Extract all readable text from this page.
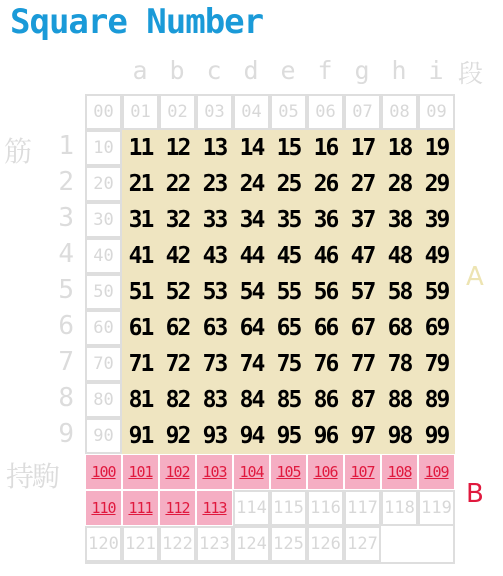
Square Number
a b c d e f g h i 段
筋	1
2
3
4
5
6
7
8
9
持駒
00 01 02 03 04 05 06 07 08 09
10 11 12 13 14 15 16 17 18 19
20 21 22 23 24 25 26 27 28 29
30 31 32 33 34 35 36 37 38 39
40 41 42 43 44 45 46 47 48 49
50 51 52 53 54 55 56 57 58 59
60 61 62 63 64 65 66 67 68 69
70 71 72 73 74 75 76 77 78 79
80 81 82 83 84 85 86 87 88 89
90 91 92 93 94 95 96 97 98 99
100 101 102 103 104 105 106 107 108 109
110 111 112 113 114 115 116 117 118 119
120 121 122 123 124 125 126 127
A
B
